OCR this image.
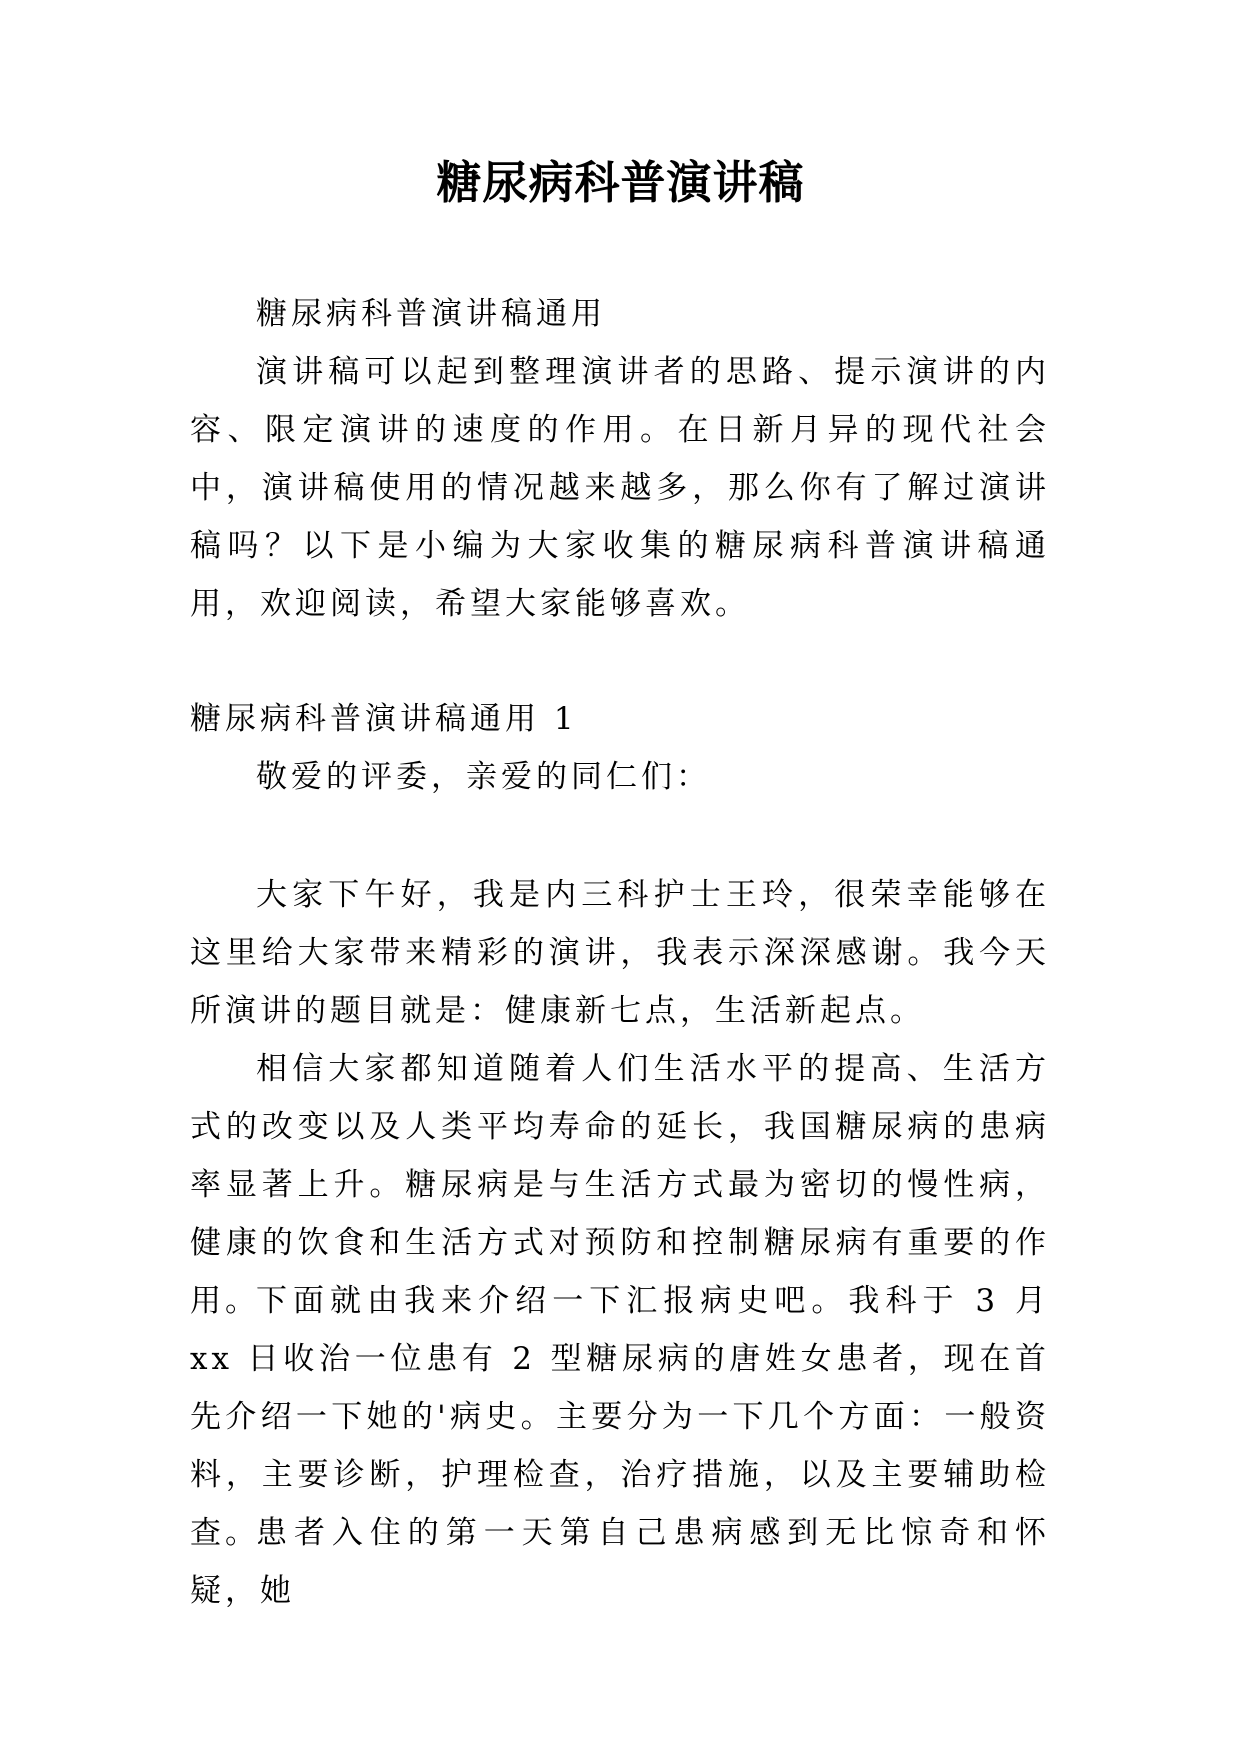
糖尿病科普演讲稿

糖尿病科普演讲稿通用

演讲稿可以起到整理演讲者的思路、提示演讲的内容、限定演讲的速度的作用。在日新月异的现代社会中，演讲稿使用的情况越来越多，那么你有了解过演讲稿吗？以下是小编为大家收集的糖尿病科普演讲稿通用，欢迎阅读，希望大家能够喜欢。

糖尿病科普演讲稿通用 1

敬爱的评委，亲爱的同仁们：

大家下午好，我是内三科护士王玲，很荣幸能够在这里给大家带来精彩的演讲，我表示深深感谢。我今天所演讲的题目就是：健康新七点，生活新起点。

相信大家都知道随着人们生活水平的提高、生活方式的改变以及人类平均寿命的延长，我国糖尿病的患病率显著上升。糖尿病是与生活方式最为密切的慢性病，健康的饮食和生活方式对预防和控制糖尿病有重要的作用。

下面就由我来介绍一下汇报病史吧。我科于 3 月 xx 日收治一位患有 2 型糖尿病的唐姓女患者，现在首先介绍一下她的'病史。主要分为一下几个方面：一般资料，主要诊断，护理检查，治疗措施，以及主要辅助检查。

患者入住的第一天第自己患病感到无比惊奇和怀疑，她
